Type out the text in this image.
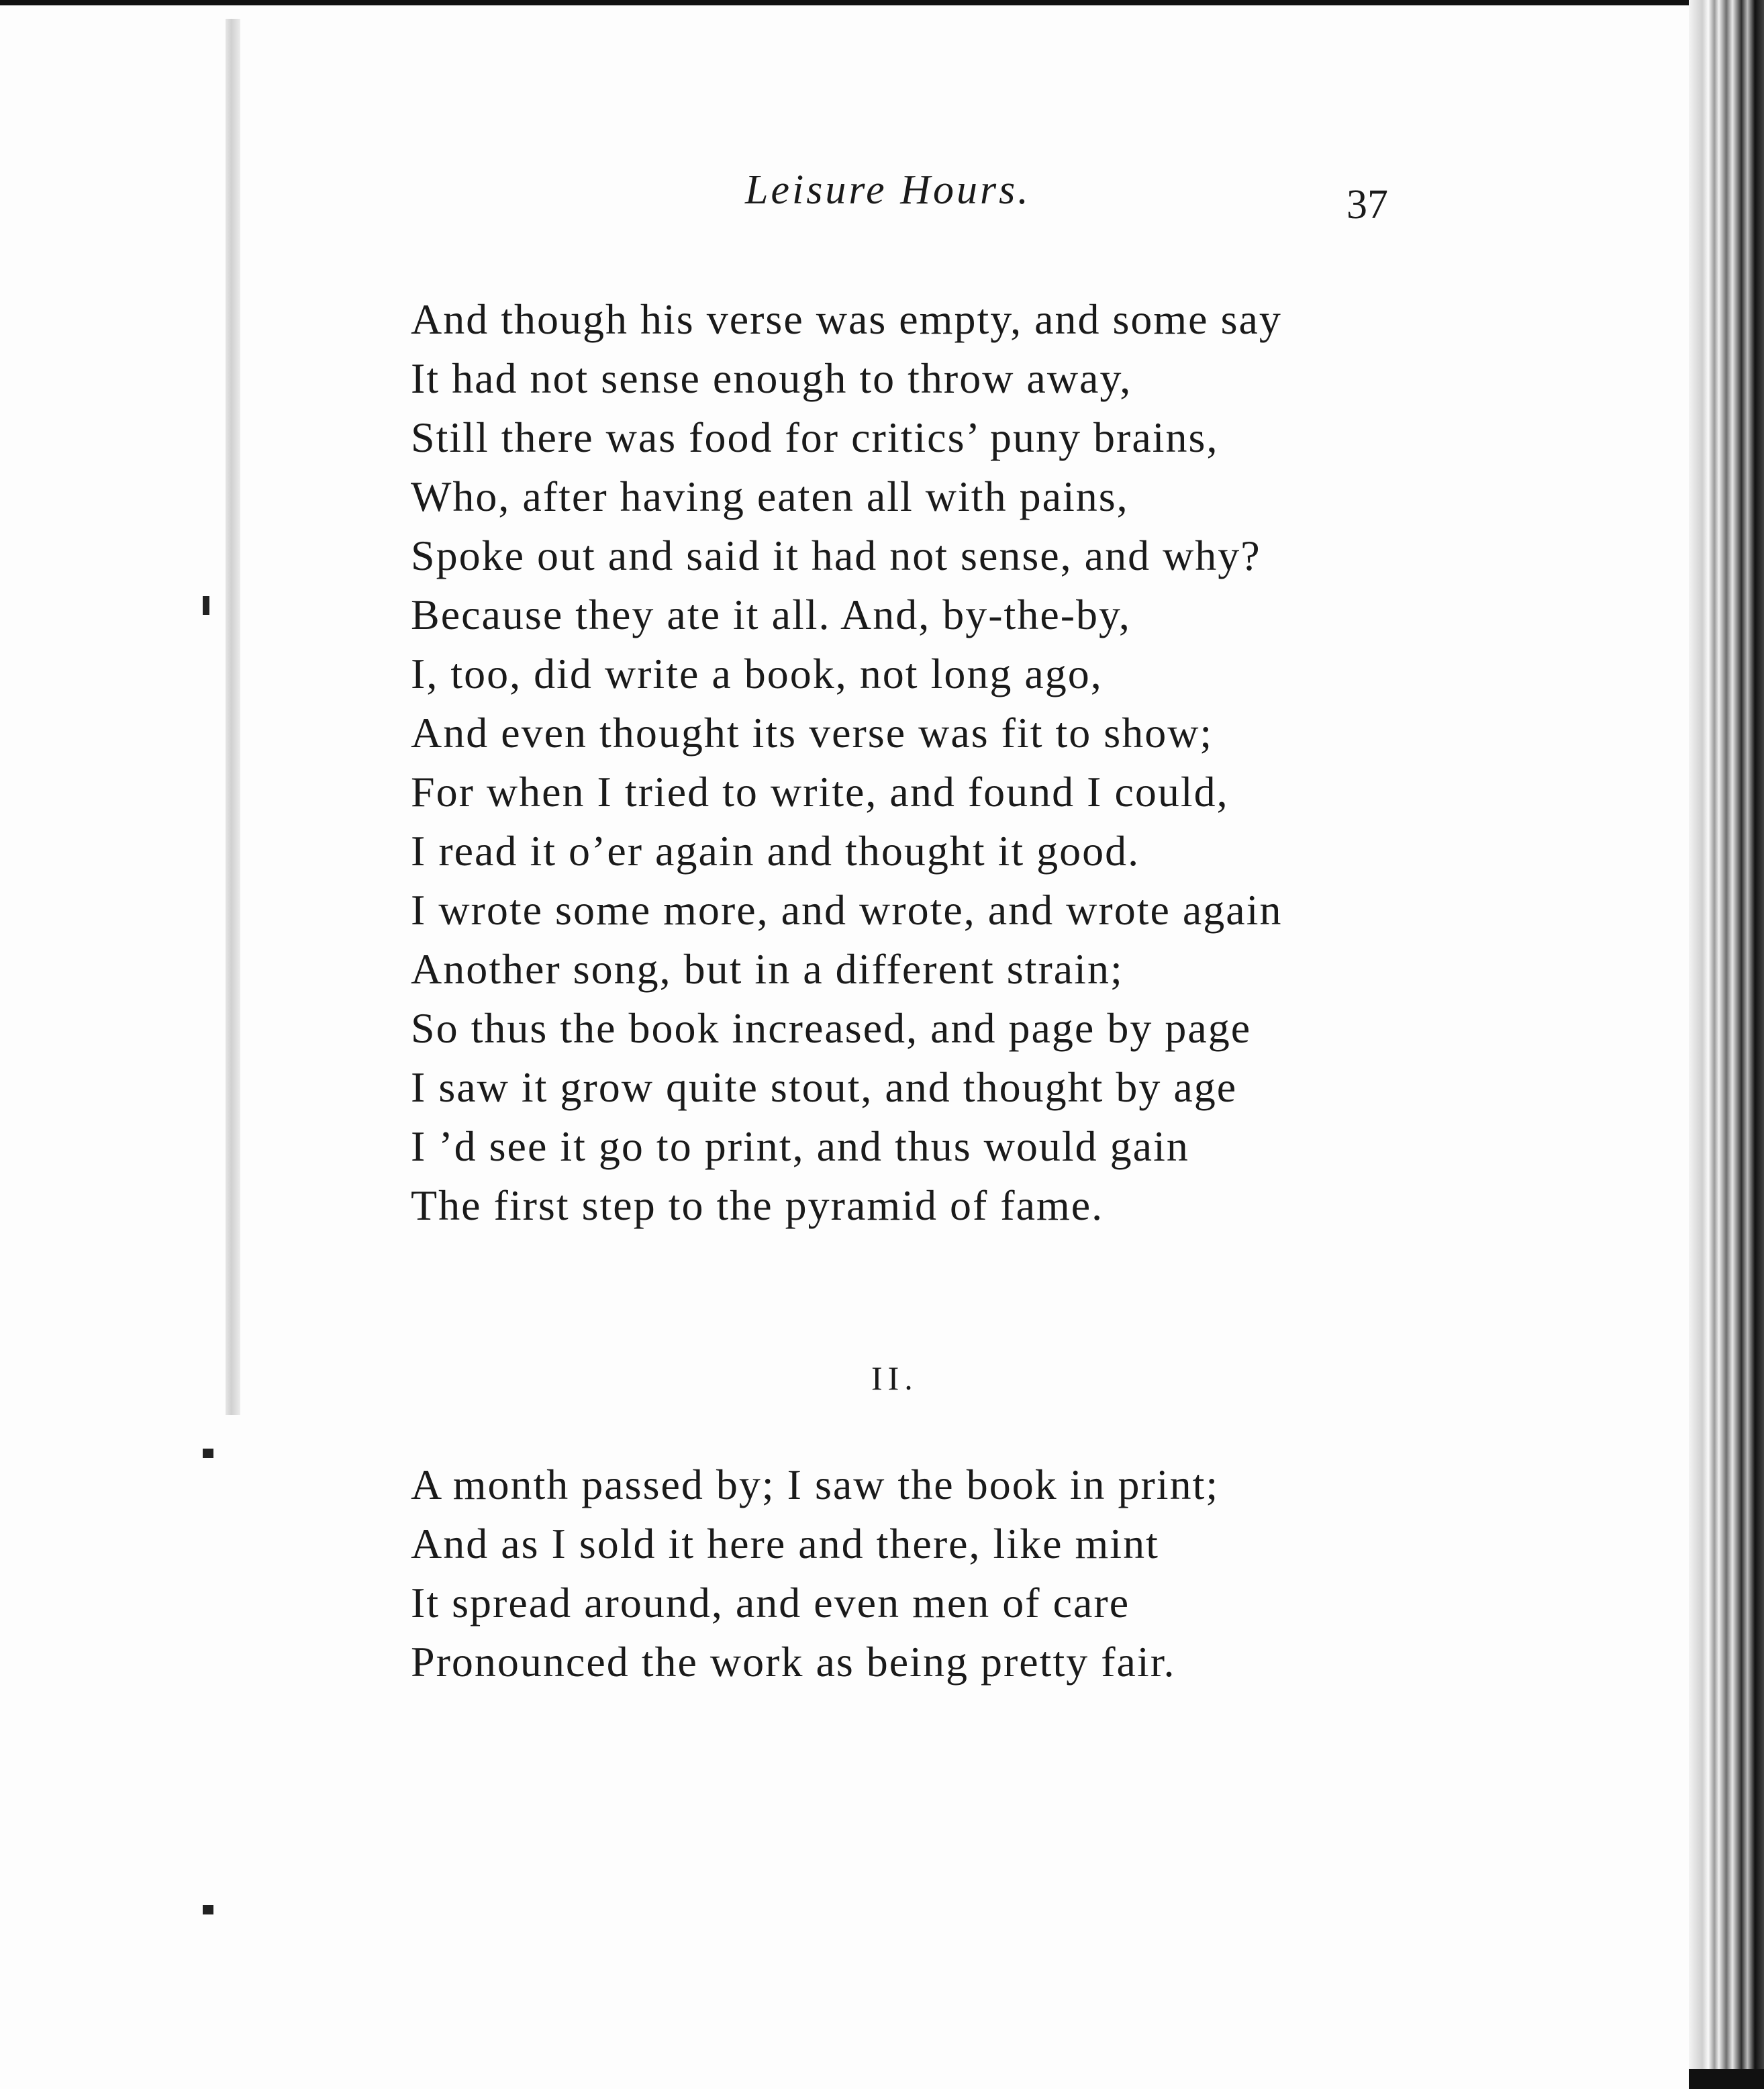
Leisure Hours.	37
And though his verse was empty, and some say
It had not sense enough to throw away,
Still there was food for critics’ puny brains,
Who, after having eaten all with pains,
Spoke out and said it had not sense, and why?
Because they ate it all. And, by-the-by,
I, too, did write a book, not long ago,
And even thought its verse was fit to show;
For when I tried to write, and found I could,
I read it o’er again and thought it good.
I wrote some more, and wrote, and wrote again
Another song, but in a different strain;
So thus the book increased, and page by page
I saw it grow quite stout, and thought by age
I ’d see it go to print, and thus would gain
The first step to the pyramid of fame.
II.
A month passed by; I saw the book in print;
And as I sold it here and there, like mint
It spread around, and even men of care
Pronounced the work as being pretty fair.
